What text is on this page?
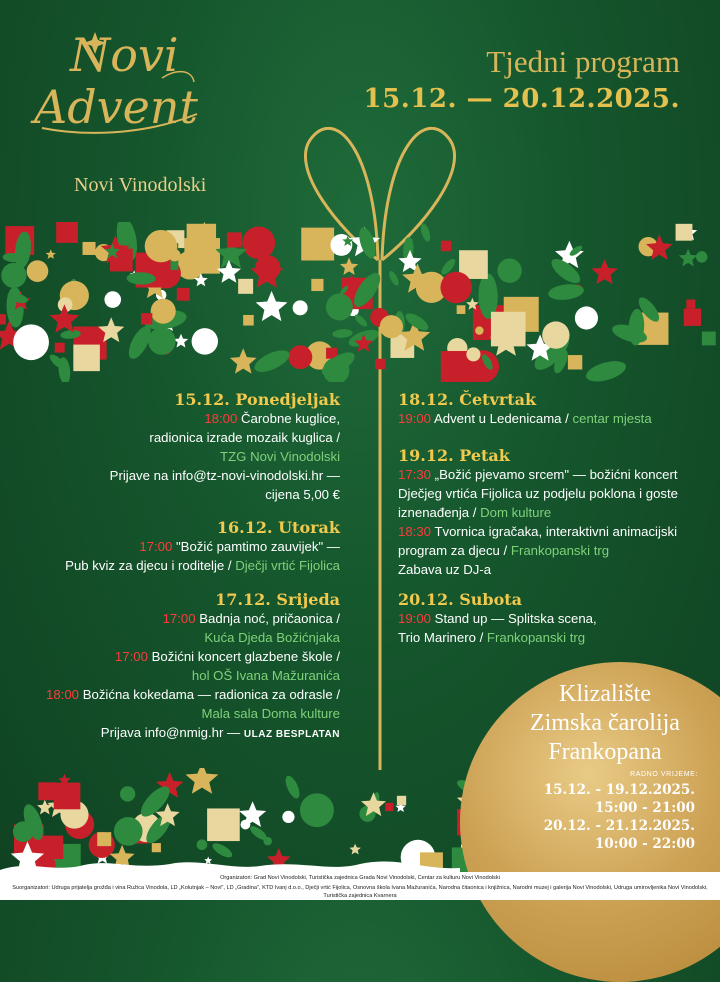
Novi
Advent
Novi Vinodolski
Tjedni program
15.12. — 20.12.2025.
15.12. Ponedjeljak

18:00 Čarobne kuglice,

radionica izrade mozaik kuglica /

TZG Novi Vinodolski

Prijave na info@tz-novi-vinodolski.hr —

cijena 5,00 €

16.12. Utorak

17:00 "Božić pamtimo zauvijek" —

Pub kviz za djecu i roditelje / Dječji vrtić Fijolica

17.12. Srijeda

17:00 Badnja noć, pričaonica /

Kuća Djeda Božićnjaka

17:00 Božićni koncert glazbene škole /

hol OŠ Ivana Mažuranića

18:00 Božićna kokedama — radionica za odrasle /

Mala sala Doma kulture

Prijava info@nmig.hr — ULAZ BESPLATAN

18.12. Četvrtak

19:00 Advent u Ledenicama / centar mjesta

19.12. Petak

17:30 „Božić pjevamo srcem" — božićni koncert

Dječjeg vrtića Fijolica uz podjelu poklona i goste

iznenađenja / Dom kulture

18:30 Tvornica igračaka, interaktivni animacijski

program za djecu / Frankopanski trg

Zabava uz DJ-a

20.12. Subota

19:00 Stand up — Splitska scena,

Trio Marinero / Frankopanski trg

Klizalište
Zimska čarolija
Frankopana
RADNO VRIJEME:
15.12. - 19.12.2025.
15:00 - 21:00
20.12. - 21.12.2025.
10:00 - 22:00

Organizatori: Grad Novi Vinodolski, Turistička zajednica Grada Novi Vinodolski, Centar za kulturu Novi Vinodolski

Suorganizatori: Udruga prijatelja grožđa i vina Ružica Vinodola, LD „Kolutnjak – Novi", LD „Gradina", KTD Ivanj d.o.o., Dječji vrtić Fijolica, Osnovna škola Ivana Mažuranića, Narodna čitaonica i knjižnica, Narodni muzej i galerija Novi Vinodolski, Udruga umirovljenika Novi Vinodolski, Turistička zajednica Kvarnera
